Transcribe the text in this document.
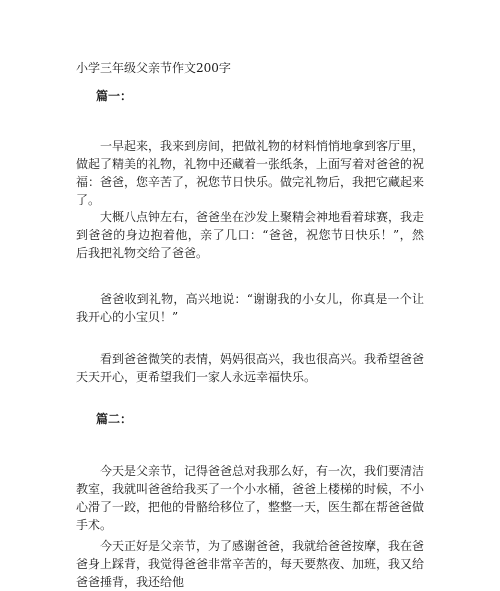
小学三年级父亲节作文200字
篇一：

一早起来，我来到房间，把做礼物的材料悄悄地拿到客厅里，做起了精美的礼物，礼物中还藏着一张纸条，上面写着对爸爸的祝福：爸爸，您辛苦了，祝您节日快乐。做完礼物后，我把它藏起来了。

大概八点钟左右，爸爸坐在沙发上聚精会神地看着球赛，我走到爸爸的身边抱着他，亲了几口：“爸爸，祝您节日快乐！”，然后我把礼物交给了爸爸。

爸爸收到礼物，高兴地说：“谢谢我的小女儿，你真是一个让我开心的小宝贝！”

看到爸爸微笑的表情，妈妈很高兴，我也很高兴。我希望爸爸天天开心，更希望我们一家人永远幸福快乐。

篇二：

今天是父亲节，记得爸爸总对我那么好，有一次，我们要清洁教室，我就叫爸爸给我买了一个小水桶，爸爸上楼梯的时候，不小心滑了一跤，把他的骨骼给移位了，整整一天，医生都在帮爸爸做手术。

今天正好是父亲节，为了感谢爸爸，我就给爸爸按摩，我在爸爸身上踩背，我觉得爸爸非常辛苦的，每天要熬夜、加班，我又给爸爸捶背，我还给他
